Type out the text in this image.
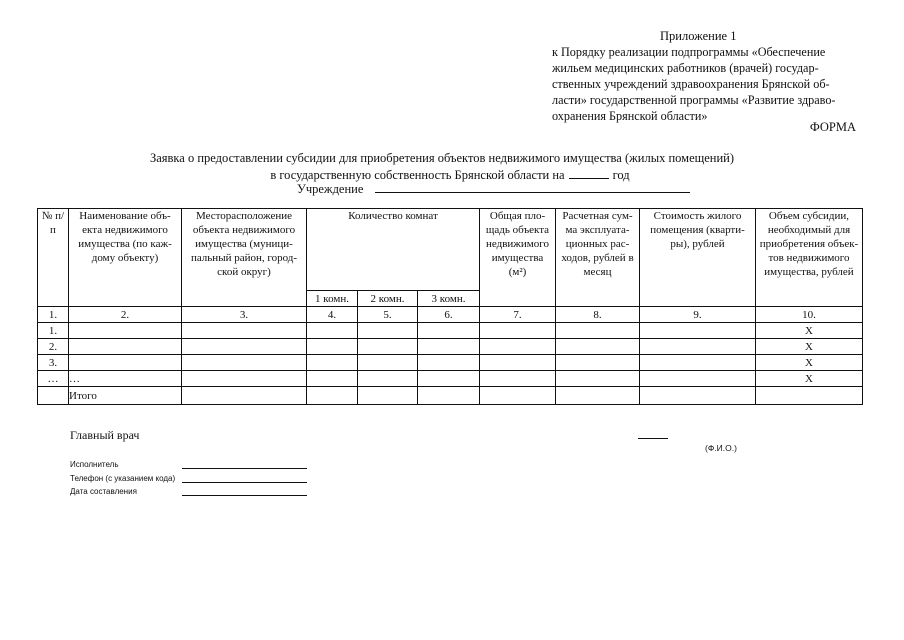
Приложение 1
к Порядку реализации подпрограммы «Обеспечение
жильем медицинских работников (врачей) государ-
ственных учреждений здравоохранения Брянской об-
ласти» государственной программы «Развитие здраво-
охранения Брянской области»
ФОРМА
Заявка о предоставлении субсидии для приобретения объектов недвижимого имущества (жилых помещений)
в государственную собственность Брянской области на	год
Учреждение
№ п/п	Наименование объ-екта недвижимого имущества (по каж-дому объекту)	Месторасположение объекта недвижимого имущества (муници-пальный район, город-ской округ)	Количество комнат			Общая пло-щадь объекта недвижимого имущества (м²)	Расчетная сум-ма эксплуата-ционных рас-ходов, рублей в месяц	Стоимость жилого помещения (кварти-ры), рублей	Объем субсидии, необходимый для приобретения объек-тов недвижимого имущества, рублей
			1 комн.	2 комн.	3 комн.				
1.	2.	3.	4.	5.	6.	7.	8.	9.	10.
1.									Х
2.									Х
3.									Х
…	…								Х
	Итого								
Главный врач
(Ф.И.О.)
Исполнитель
Телефон (с указанием кода)
Дата составления
